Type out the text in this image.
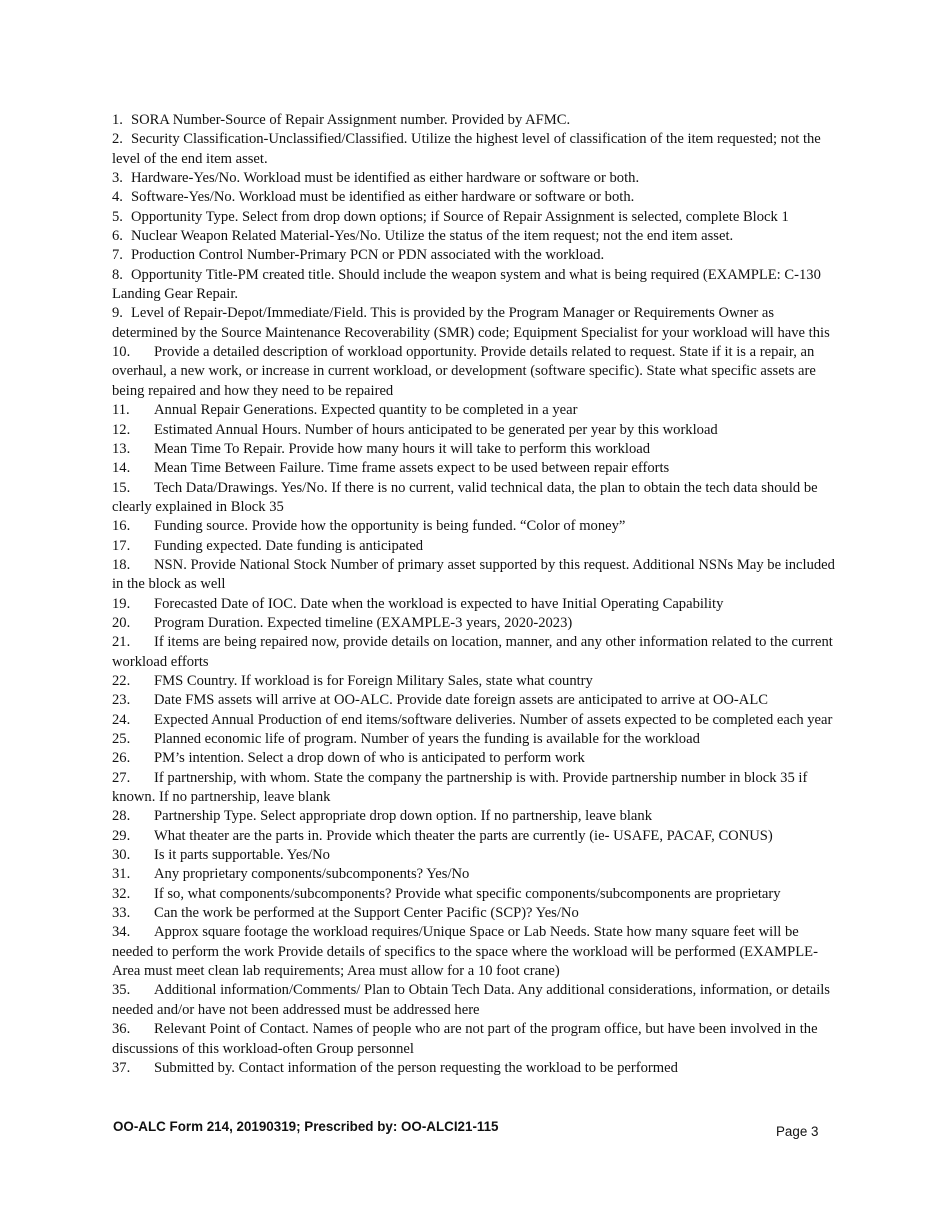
1. SORA Number-Source of Repair Assignment number. Provided by AFMC.

2. Security Classification-Unclassified/Classified. Utilize the highest level of classification of the item requested; not the level of the end item asset.

3. Hardware-Yes/No. Workload must be identified as either hardware or software or both.

4. Software-Yes/No. Workload must be identified as either hardware or software or both.

5. Opportunity Type. Select from drop down options; if Source of Repair Assignment is selected, complete Block 1

6. Nuclear Weapon Related Material-Yes/No. Utilize the status of the item request; not the end item asset.

7. Production Control Number-Primary PCN or PDN associated with the workload.

8. Opportunity Title-PM created title. Should include the weapon system and what is being required (EXAMPLE: C-130 Landing Gear Repair.

9. Level of Repair-Depot/Immediate/Field. This is provided by the Program Manager or Requirements Owner as determined by the Source Maintenance Recoverability (SMR) code; Equipment Specialist for your workload will have this

10. Provide a detailed description of workload opportunity. Provide details related to request. State if it is a repair, an overhaul, a new work, or increase in current workload, or development (software specific). State what specific assets are being repaired and how they need to be repaired

11. Annual Repair Generations. Expected quantity to be completed in a year

12. Estimated Annual Hours. Number of hours anticipated to be generated per year by this workload

13. Mean Time To Repair. Provide how many hours it will take to perform this workload

14. Mean Time Between Failure. Time frame assets expect to be used between repair efforts

15. Tech Data/Drawings. Yes/No. If there is no current, valid technical data, the plan to obtain the tech data should be clearly explained in Block 35

16. Funding source. Provide how the opportunity is being funded. “Color of money”

17. Funding expected. Date funding is anticipated

18. NSN. Provide National Stock Number of primary asset supported by this request. Additional NSNs May be included in the block as well

19. Forecasted Date of IOC. Date when the workload is expected to have Initial Operating Capability

20. Program Duration. Expected timeline (EXAMPLE-3 years, 2020-2023)

21. If items are being repaired now, provide details on location, manner, and any other information related to the current workload efforts

22. FMS Country. If workload is for Foreign Military Sales, state what country

23. Date FMS assets will arrive at OO-ALC. Provide date foreign assets are anticipated to arrive at OO-ALC

24. Expected Annual Production of end items/software deliveries. Number of assets expected to be completed each year

25. Planned economic life of program. Number of years the funding is available for the workload

26. PM’s intention. Select a drop down of who is anticipated to perform work

27. If partnership, with whom. State the company the partnership is with. Provide partnership number in block 35 if known. If no partnership, leave blank

28. Partnership Type. Select appropriate drop down option. If no partnership, leave blank

29. What theater are the parts in. Provide which theater the parts are currently (ie- USAFE, PACAF, CONUS)

30. Is it parts supportable. Yes/No

31. Any proprietary components/subcomponents? Yes/No

32. If so, what components/subcomponents? Provide what specific components/subcomponents are proprietary

33. Can the work be performed at the Support Center Pacific (SCP)? Yes/No

34. Approx square footage the workload requires/Unique Space or Lab Needs. State how many square feet will be needed to perform the work Provide details of specifics to the space where the workload will be performed (EXAMPLE-Area must meet clean lab requirements; Area must allow for a 10 foot crane)

35. Additional information/Comments/ Plan to Obtain Tech Data. Any additional considerations, information, or details needed and/or have not been addressed must be addressed here

36. Relevant Point of Contact. Names of people who are not part of the program office, but have been involved in the discussions of this workload-often Group personnel

37. Submitted by. Contact information of the person requesting the workload to be performed

OO-ALC Form 214, 20190319; Prescribed by: OO-ALCI21-115	Page 3
